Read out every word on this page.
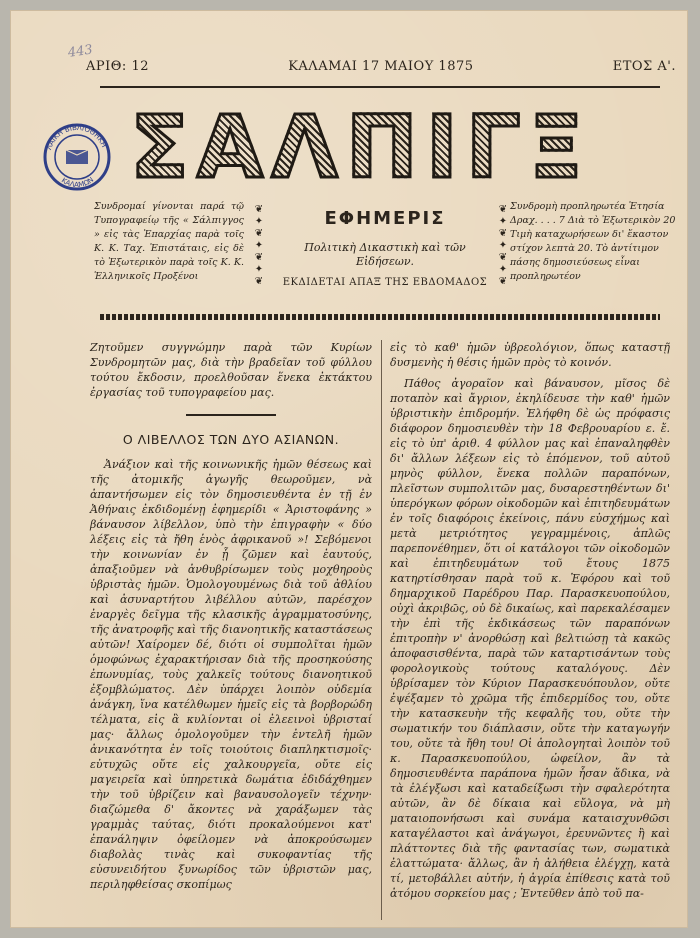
443
ΑΡΙΘ: 12	ΚΑΛΑΜΑΙ 17 ΜΑΙΟΥ 1875	ΕΤΟΣ Α'.
ΛΑΙΚΗ ΒΙΒΛΙΟΘΗΚΗ
ΚΑΛΑΜΩΝ ΣΑΛΠΙΓΞ
Συνδρομαί γίνονται παρά τῷ Τυπογραφείῳ τῆς « Σάλπιγγος » εἰς τὰς Ἐπαρχίας παρὰ τοῖς Κ. Κ. Ταχ. Ἐπιστάταις, εἰς δὲ τὸ Ἐξωτερικὸν παρὰ τοῖς Κ. Κ. Ἑλληνικοῖς Προξένοι
❦
✦
❦
✦
❦
✦
❦
ΕΦΗΜΕΡΙΣ
Πολιτικὴ Δικαστικὴ καὶ τῶν Εἰδήσεων.
ΕΚΔΙΔΕΤΑΙ ΑΠΑΞ ΤΗΣ ΕΒΔΟΜΑΔΟΣ
❦
✦
❦
✦
❦
✦
❦
Συνδρομὴ προπληρωτέα Ἐτησία Δραχ. . . . 7 Διὰ τὸ Ἐξωτερικὸν 20 Τιμὴ καταχωρήσεων δι' ἕκαστον στίχον λεπτὰ 20. Τὸ ἀντίτιμον πάσης δημοσιεύσεως εἶναι προπληρωτέον
Ζητοῦμεν συγγνώμην παρὰ τῶν Κυρίων Συνδρομητῶν μας, διὰ τὴν βραδεῖαν τοῦ φύλλου τούτου ἔκδοσιν, προελθοῦσαν ἕνεκα ἐκτάκτου ἐργασίας τοῦ τυπογραφείου μας.
Ο ΛΙΒΕΛΛΟΣ ΤΩΝ ΔΥΟ ΑΣΙΑΝΩΝ.

Ἀνάξιον καὶ τῆς κοινωνικῆς ἡμῶν θέσεως καὶ τῆς ἀτομικῆς ἀγωγῆς θεωροῦμεν, νὰ ἀπαντήσωμεν εἰς τὸν δημοσιευθέντα ἐν τῇ ἐν Ἀθήναις ἐκδιδομένῃ ἐφημερίδι « Ἀριστοφάνης » βάναυσον λίβελλον, ὑπὸ τὴν ἐπιγραφὴν « δύο λέξεις εἰς τὰ ἤθη ἑνὸς ἀφρικανοῦ »! Σεβόμενοι τὴν κοινωνίαν ἐν ᾗ ζῶμεν καὶ ἑαυτούς, ἀπαξιοῦμεν νὰ ἀνθυβρίσωμεν τοὺς μοχθηροὺς ὑβριστὰς ἡμῶν. Ὁμολογουμένως διὰ τοῦ ἀθλίου καὶ ἀσυναρτήτου λιβέλλου αὐτῶν, παρέσχον ἐναργὲς δεῖγμα τῆς κλασικῆς ἀγραμματοσύνης, τῆς ἀνατροφῆς καὶ τῆς διανοητικῆς καταστάσεως αὐτῶν! Χαίρομεν δέ, διότι οἱ συμπολῖται ἡμῶν ὁμοφώνως ἐχαρακτήρισαν διὰ τῆς προσηκούσης ἐπωνυμίας, τοὺς χαλκεῖς τούτους διανοητικοῦ ἐξομβλώματος. Δὲν ὑπάρχει λοιπὸν οὐδεμία ἀνάγκη, ἵνα κατέλθωμεν ἡμεῖς εἰς τὰ βορβορώδη τέλματα, εἰς ἃ κυλίονται οἱ ἐλεεινοὶ ὑβρισταί μας· ἄλλως ὁμολογοῦμεν τὴν ἐντελῆ ἡμῶν ἀνικανότητα ἐν τοῖς τοιούτοις διαπληκτισμοῖς· εὐτυχῶς οὔτε εἰς χαλκουργεῖα, οὔτε εἰς μαγειρεῖα καὶ ὑπηρετικὰ δωμάτια ἐδιδάχθημεν τὴν τοῦ ὑβρίζειν καὶ βαναυσολογεῖν τέχνην· διαζώμεθα δ' ἄκοντες νὰ χαράξωμεν τὰς γραμμὰς ταύτας, διότι προκαλούμενοι κατ' ἐπανάληψιν ὀφείλομεν νὰ ἀποκρούσωμεν διαβολὰς τινὰς καὶ συκοφαντίας τῆς εὐσυνειδήτου ξυνωρίδος τῶν ὑβριστῶν μας, περιληφθείσας σκοπίμως

εἰς τὸ καθ' ἡμῶν ὑβρεολόγιον, ὅπως καταστῇ δυσμενὴς ἡ θέσις ἡμῶν πρὸς τὸ κοινόν.

Πάθος ἀγοραῖον καὶ βάναυσον, μῖσος δὲ ποταπὸν καὶ ἄγριον, ἐκηλίδευσε τὴν καθ' ἡμῶν ὑβριστικὴν ἐπιδρομήν. Ἐλήφθη δὲ ὡς πρόφασις διάφορον δημοσιευθὲν τὴν 18 Φεβρουαρίου ε. ἔ. εἰς τὸ ὑπ' ἀριθ. 4 φύλλον μας καὶ ἐπαναληφθὲν δι' ἄλλων λέξεων εἰς τὸ ἑπόμενον, τοῦ αὐτοῦ μηνὸς φύλλον, ἕνεκα πολλῶν παραπόνων, πλεῖστων συμπολιτῶν μας, δυσαρεστηθέντων δι' ὑπερόγκων φόρων οἰκοδομῶν καὶ ἐπιτηδευμάτων ἐν τοῖς διαφόροις ἐκείνοις, πάνυ εὐσχήμως καὶ μετὰ μετριότητος γεγραμμένοις, ἁπλῶς παρεπονέθημεν, ὅτι οἱ κατάλογοι τῶν οἰκοδομῶν καὶ ἐπιτηδευμάτων τοῦ ἔτους 1875 κατηρτίσθησαν παρὰ τοῦ κ. Ἐφόρου καὶ τοῦ δημαρχικοῦ Παρέδρου Παρ. Παρασκευοπούλου, οὐχὶ ἀκριβῶς, οὐ δὲ δικαίως, καὶ παρεκαλέσαμεν τὴν ἐπὶ τῆς ἐκδικάσεως τῶν παραπόνων ἐπιτροπὴν ν' ἀνορθώσῃ καὶ βελτιώσῃ τὰ κακῶς ἀποφασισθέντα, παρὰ τῶν καταρτισάντων τοὺς φορολογικοὺς τούτους καταλόγους. Δὲν ὑβρίσαμεν τὸν Κύριον Παρασκευόπουλον, οὔτε ἐψέξαμεν τὸ χρῶμα τῆς ἐπιδερμίδος του, οὔτε τὴν κατασκευὴν τῆς κεφαλῆς του, οὔτε τὴν σωματικήν του διάπλασιν, οὔτε τὴν καταγωγήν του, οὔτε τὰ ἤθη του! Οἱ ἀπολογηταὶ λοιπὸν τοῦ κ. Παρασκευοπούλου, ὠφείλον, ἂν τὰ δημοσιευθέντα παράπονα ἡμῶν ἦσαν ἄδικα, νὰ τὰ ἐλέγξωσι καὶ καταδείξωσι τὴν σφαλερότητα αὐτῶν, ἂν δὲ δίκαια καὶ εὔλογα, νὰ μὴ ματαιοπονήσωσι καὶ συνάμα καταισχυνθῶσι καταγέλαστοι καὶ ἀνάγωγοι, ἐρευνῶντες ἢ καὶ πλάττοντες διὰ τῆς φαντασίας των, σωματικὰ ἐλαττώματα· ἄλλως, ἂν ἡ ἀλήθεια ἐλέγχῃ, κατὰ τί, μετοβάλλει αὐτήν, ἡ ἀγρία ἐπίθεσις κατὰ τοῦ ἀτόμου σορκείου μας ; Ἐντεῦθεν ἀπὸ τοῦ πα-
